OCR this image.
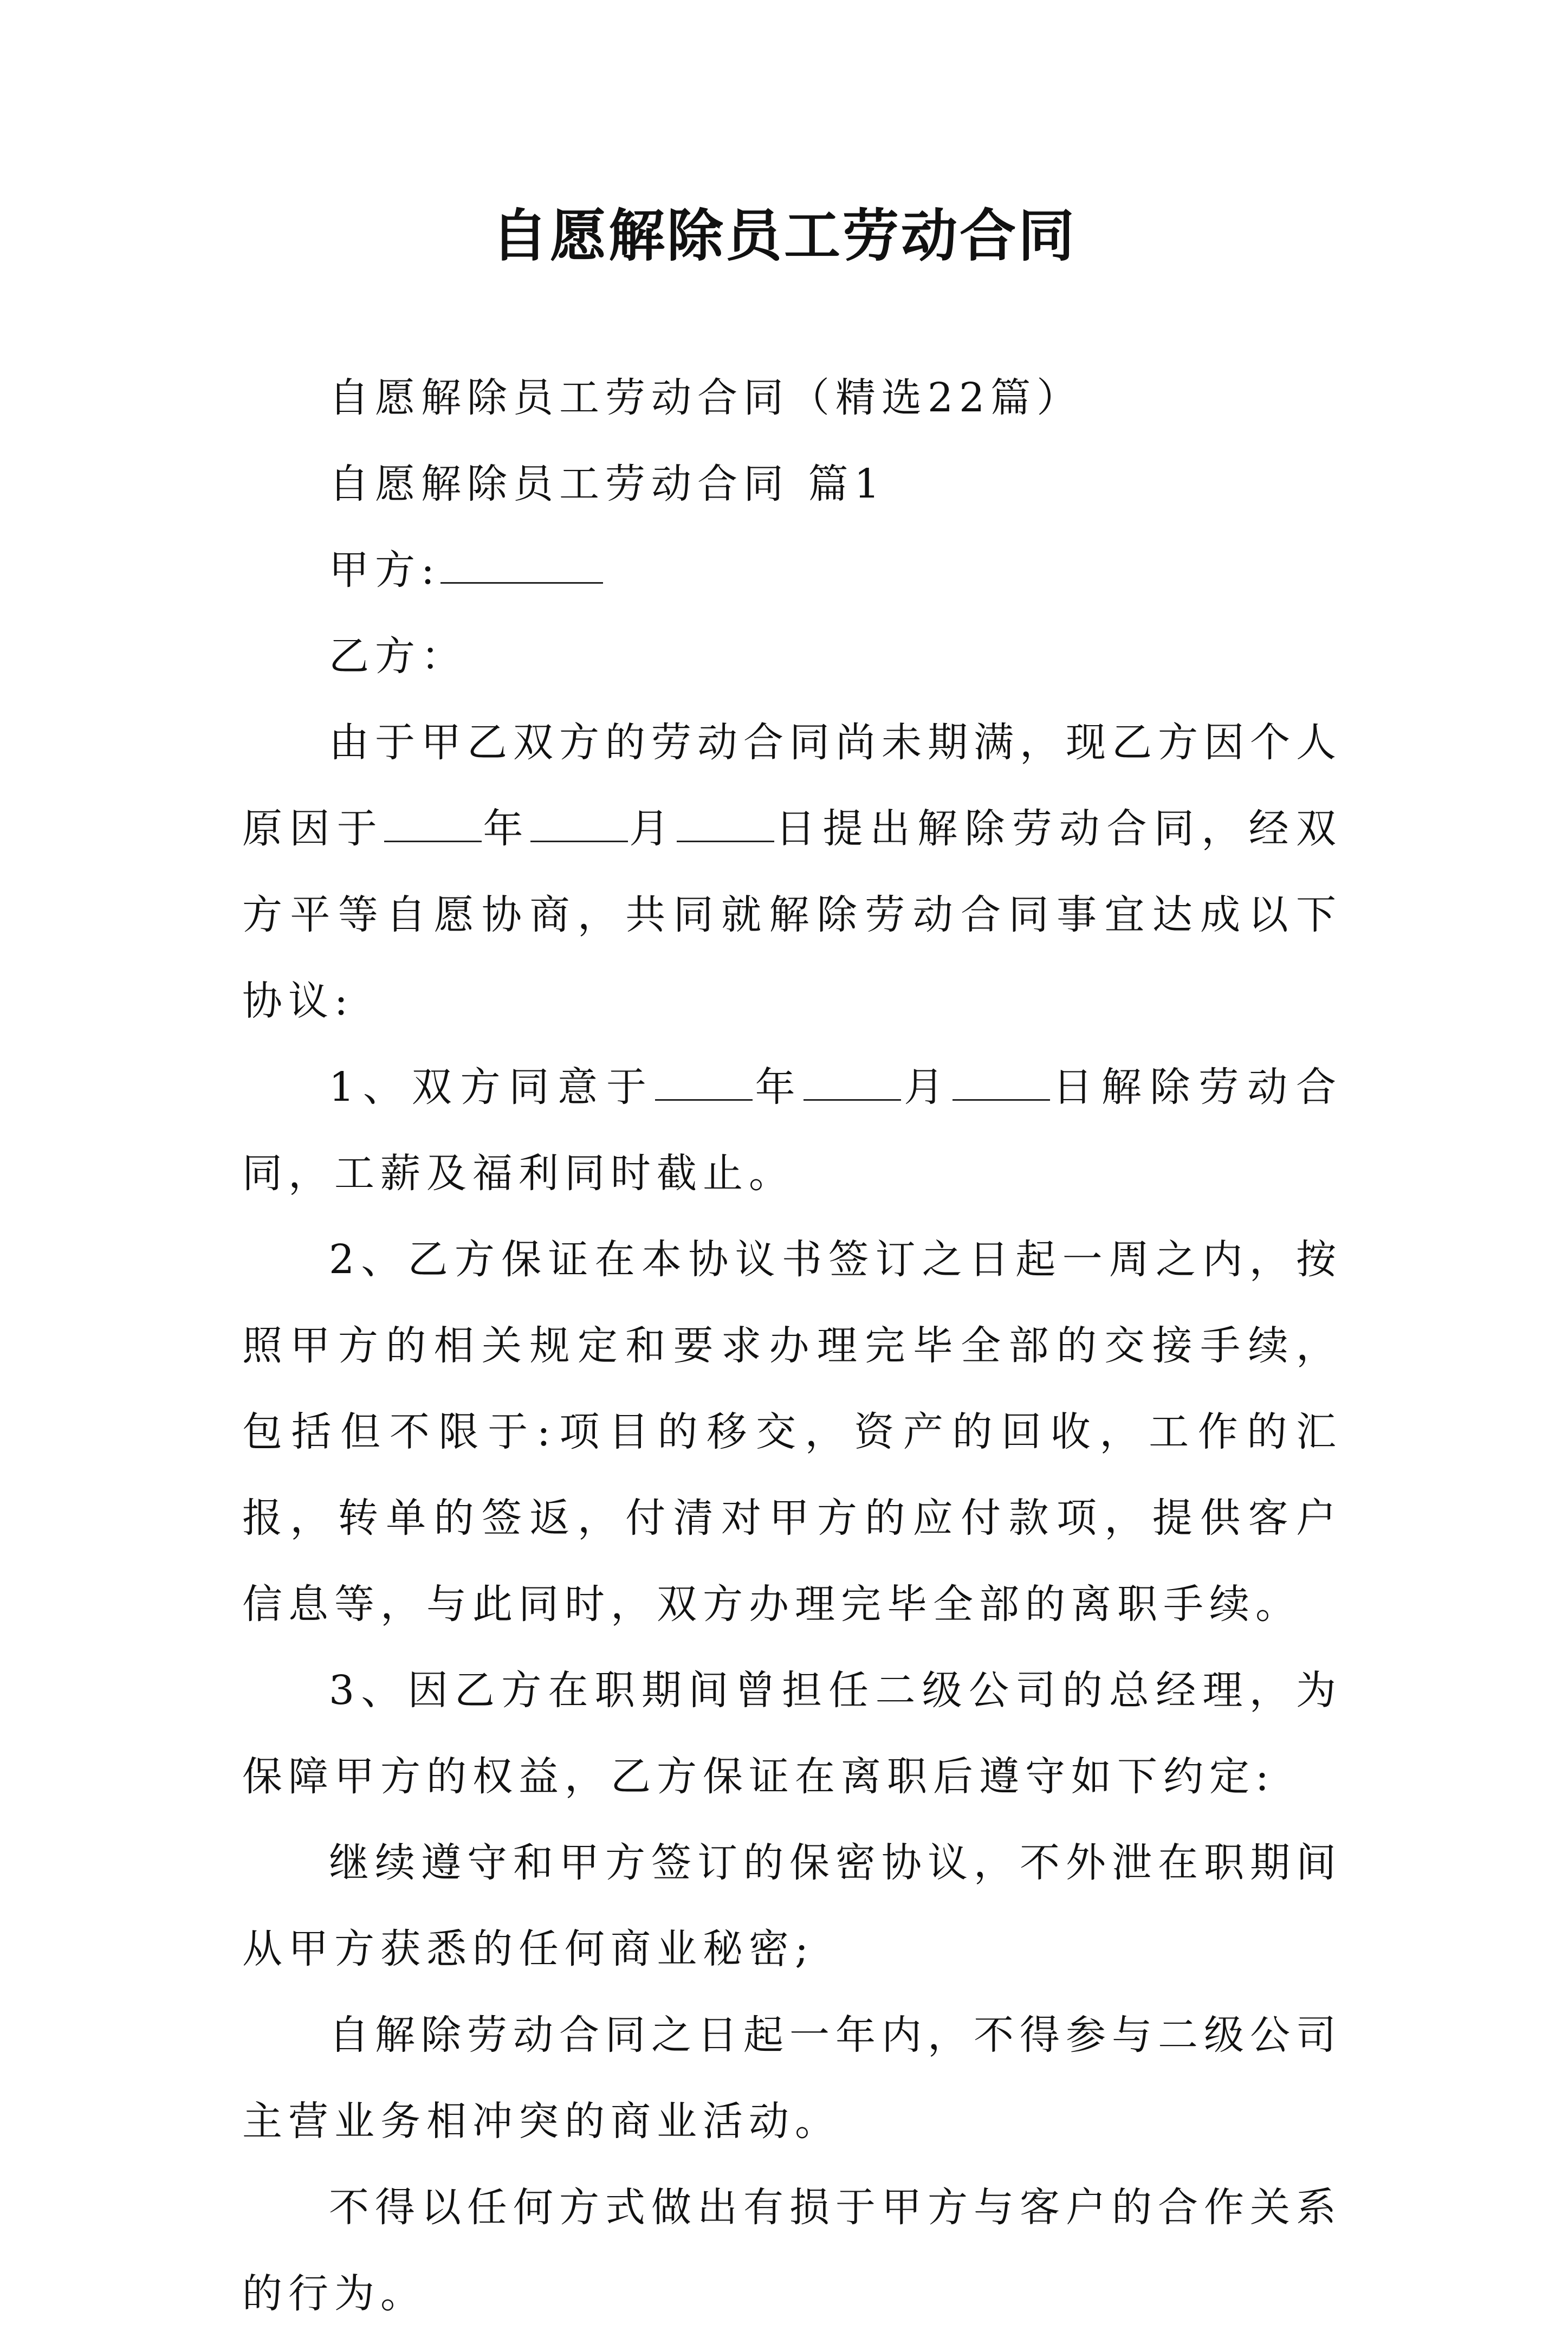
自愿解除员工劳动合同

自愿解除员工劳动合同（精选22篇）

自愿解除员工劳动合同 篇1

甲方:

乙方：

由于甲乙双方的劳动合同尚未期满，现乙方因个人原因于 年 月 日提出解除劳动合同，经双方平等自愿协商，共同就解除劳动合同事宜达成以下协议:

1、双方同意于 年 月 日解除劳动合同，工薪及福利同时截止。

2、乙方保证在本协议书签订之日起一周之内，按照甲方的相关规定和要求办理完毕全部的交接手续，包括但不限于:项目的移交，资产的回收，工作的汇报，转单的签返，付清对甲方的应付款项，提供客户信息等，与此同时，双方办理完毕全部的离职手续。

3、因乙方在职期间曾担任二级公司的总经理，为保障甲方的权益，乙方保证在离职后遵守如下约定:

继续遵守和甲方签订的保密协议，不外泄在职期间从甲方获悉的任何商业秘密;

自解除劳动合同之日起一年内，不得参与二级公司主营业务相冲突的商业活动。

不得以任何方式做出有损于甲方与客户的合作关系的行为。
